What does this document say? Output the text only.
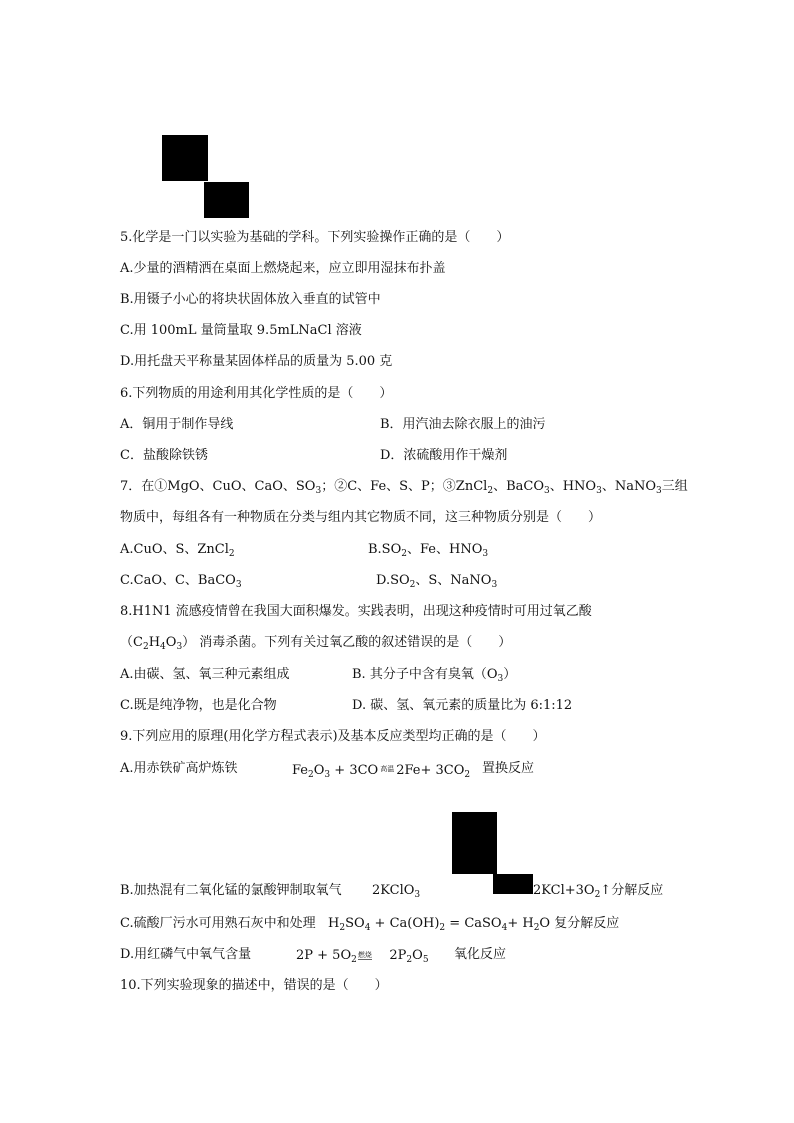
5.化学是一门以实验为基础的学科。下列实验操作正确的是（　　）
A.少量的酒精洒在桌面上燃烧起来，应立即用湿抹布扑盖
B.用镊子小心的将块状固体放入垂直的试管中
C.用 100mL 量筒量取 9.5mLNaCl 溶液
D.用托盘天平称量某固体样品的质量为 5.00 克
6.下列物质的用途利用其化学性质的是（　　）
A．铜用于制作导线	B．用汽油去除衣服上的油污
C．盐酸除铁锈	D．浓硫酸用作干燥剂
7．在①MgO、CuO、CaO、$SO_3$；②C、Fe、S、P；③ZnCl$_2$、BaCO$_3$、$HNO_3$、NaNO$_3$三组
物质中，每组各有一种物质在分类与组内其它物质不同，这三种物质分别是（　　）
A.CuO、S、ZnCl$_2$	$B.SO_2$、Fe、$HNO_3$
C.CaO、C、BaCO$_3$	$D.SO_2$、S、NaNO$_3$
8.H1N1 流感疫情曾在我国大面积爆发。实践表明，出现这种疫情时可用过氧乙酸
$(C_2H_4O_3)$ 消毒杀菌。下列有关过氧乙酸的叙述错误的是（　　）
A.由碳、氢、氧三种元素组成	B. 其分子中含有臭氧$(O_3)$
C.既是纯净物，也是化合物	D. 碳、氢、氧元素的质量比为 6:1:12
9.下列应用的原理(用化学方程式表示)及基本反应类型均正确的是（　　）
A.用赤铁矿高炉炼铁	$Fe_2O_3 + 3CO$ $^{高温}$ $2Fe+ 3CO_2$ 置换反应
B.加热混有二氧化锰的氯酸钾制取氧气 2KClO$_3$	$2KCl+3O_2↑$分解反应
C.硫酸厂污水可用熟石灰中和处理 $H_2SO_4 + Ca(OH)_2$ = CaSO$_4$+ $H_2O$ 复分解反应
D.用红磷气中氧气含量	$2P + 5O_2$燃烧 $2P_2O_5$ 氧化反应
10.下列实验现象的描述中，错误的是（　　）
